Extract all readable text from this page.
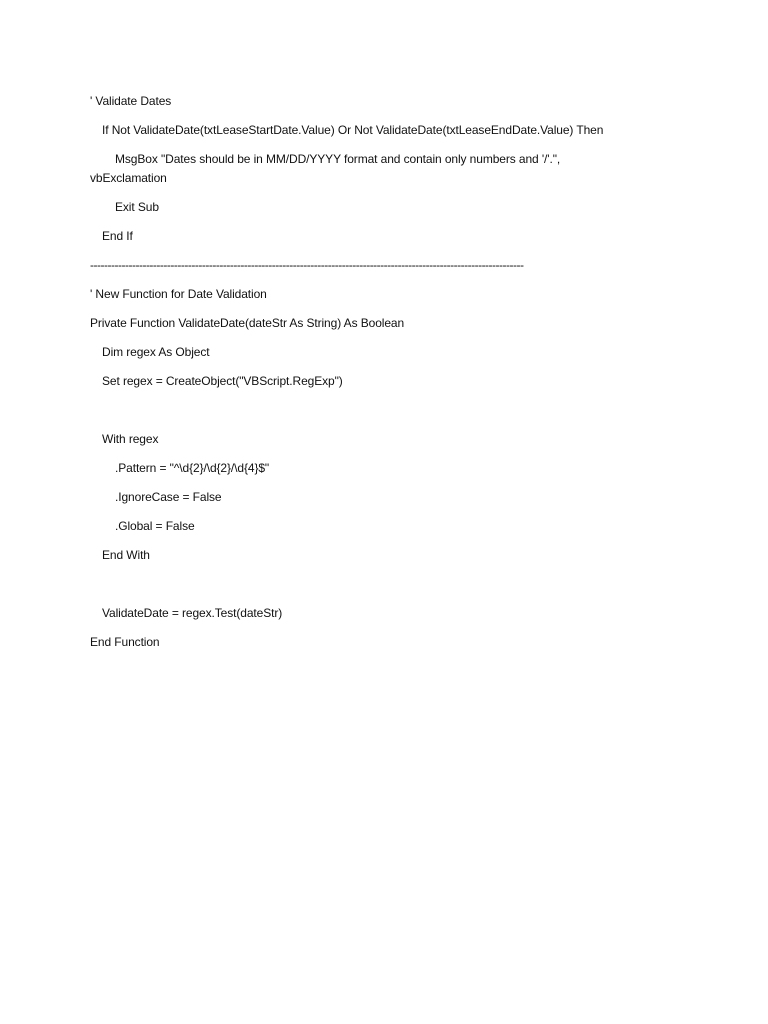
' Validate Dates

If Not ValidateDate(txtLeaseStartDate.Value) Or Not ValidateDate(txtLeaseEndDate.Value) Then

MsgBox "Dates should be in MM/DD/YYYY format and contain only numbers and '/'.",

vbExclamation

Exit Sub

End If

----------------------------------------------------------------------------------------------------------------------------

' New Function for Date Validation

Private Function ValidateDate(dateStr As String) As Boolean

Dim regex As Object

Set regex = CreateObject("VBScript.RegExp")

With regex

.Pattern = "^\d{2}/\d{2}/\d{4}$"

.IgnoreCase = False

.Global = False

End With

ValidateDate = regex.Test(dateStr)

End Function
